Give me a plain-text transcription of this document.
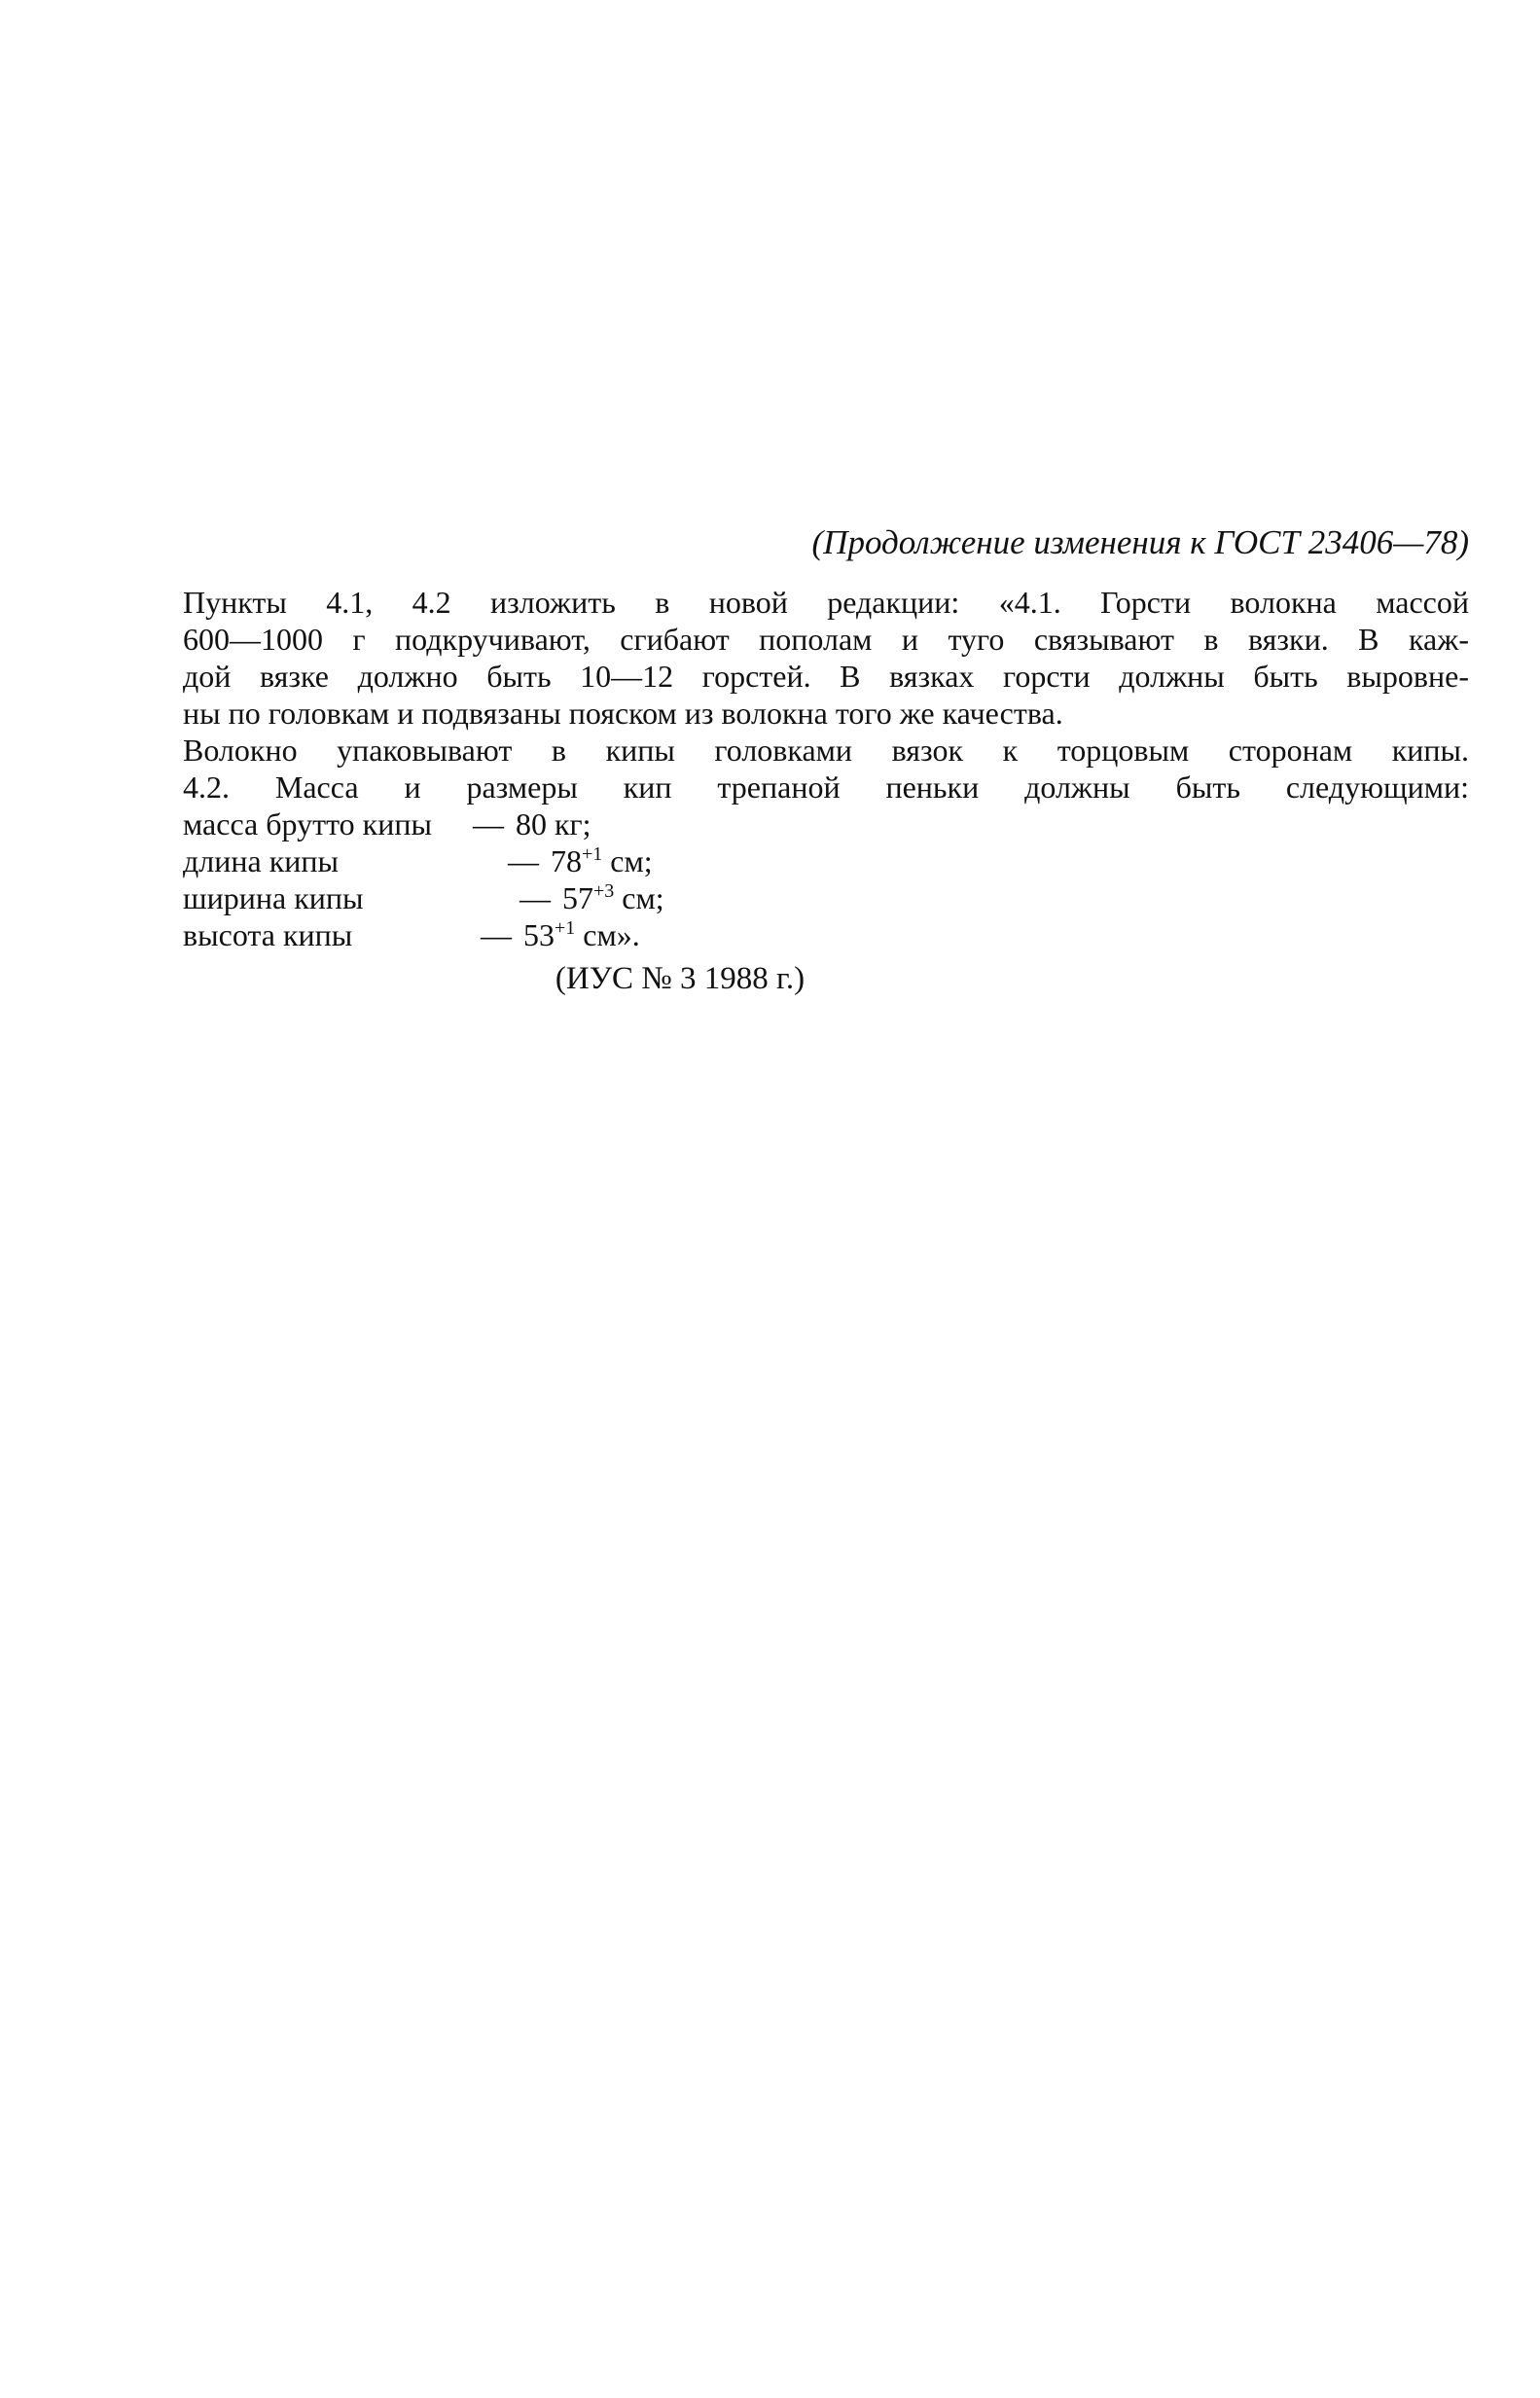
(Продолжение изменения к ГОСТ 23406—78)

Пункты 4.1, 4.2 изложить в новой редакции: «4.1. Горсти волокна массой

600—1000 г подкручивают, сгибают пополам и туго связывают в вязки. В каж-

дой вязке должно быть 10—12 горстей. В вязках горсти должны быть выровне-

ны по головкам и подвязаны пояском из волокна того же качества.

Волокно упаковывают в кипы головками вязок к торцовым сторонам кипы.

4.2. Масса и размеры кип трепаной пеньки должны быть следующими:

масса брутто кипы	— 80 кг;
длина кипы	— $78^{+1}$ см;
ширина кипы	— $57^{+3}$ см;
высота кипы	— $53^{+1}$ см».
(ИУС № 3 1988 г.)
